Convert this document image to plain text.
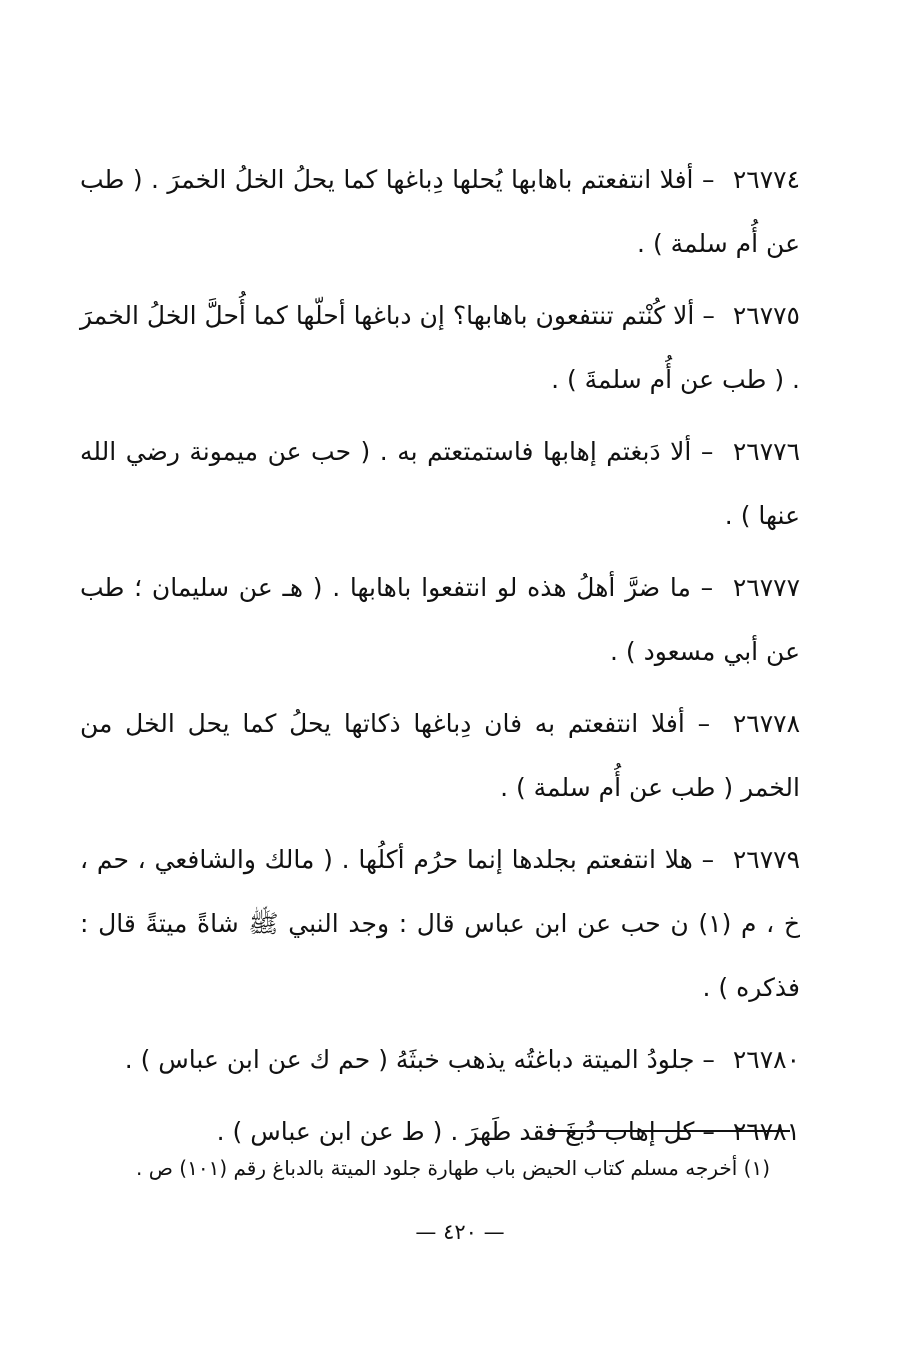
٢٦٧٧٤ – أفلا انتفعتم باهابها يُحلها دِباغها كما يحلُ الخلُ الخمرَ . ( طب عن أُم سلمة ) .

٢٦٧٧٥ – ألا كُنْتم تنتفعون باهابها؟ إن دباغها أحلّها كما أُحلَّ الخلُ الخمرَ . ( طب عن أُم سلمةَ ) .

٢٦٧٧٦ – ألا دَبغتم إهابها فاستمتعتم به . ( حب عن ميمونة رضي الله عنها ) .

٢٦٧٧٧ – ما ضرَّ أهلُ هذه لو انتفعوا باهابها . ( هـ عن سليمان ؛ طب عن أبي مسعود ) .

٢٦٧٧٨ – أفلا انتفعتم به فان دِباغها ذكاتها يحلُ كما يحل الخل من الخمر ( طب عن أُم سلمة ) .

٢٦٧٧٩ – هلا انتفعتم بجلدها إنما حرُم أكلُها . ( مالك والشافعي ، حم ، خ ، م (١) ن حب عن ابن عباس قال : وجد النبي ﷺ شاةً ميتةً قال : فذكره ) .

٢٦٧٨٠ – جلودُ الميتة دباغتُه يذهب خبثَهُ ( حم ك عن ابن عباس ) .

٢٦٧٨١ – كل إهاب دُبغَ فقد طَهرَ . ( ط عن ابن عباس ) .

(١) أخرجه مسلم كتاب الحيض باب طهارة جلود الميتة بالدباغ رقم (١٠١) ص .
— ٤٢٠ —
